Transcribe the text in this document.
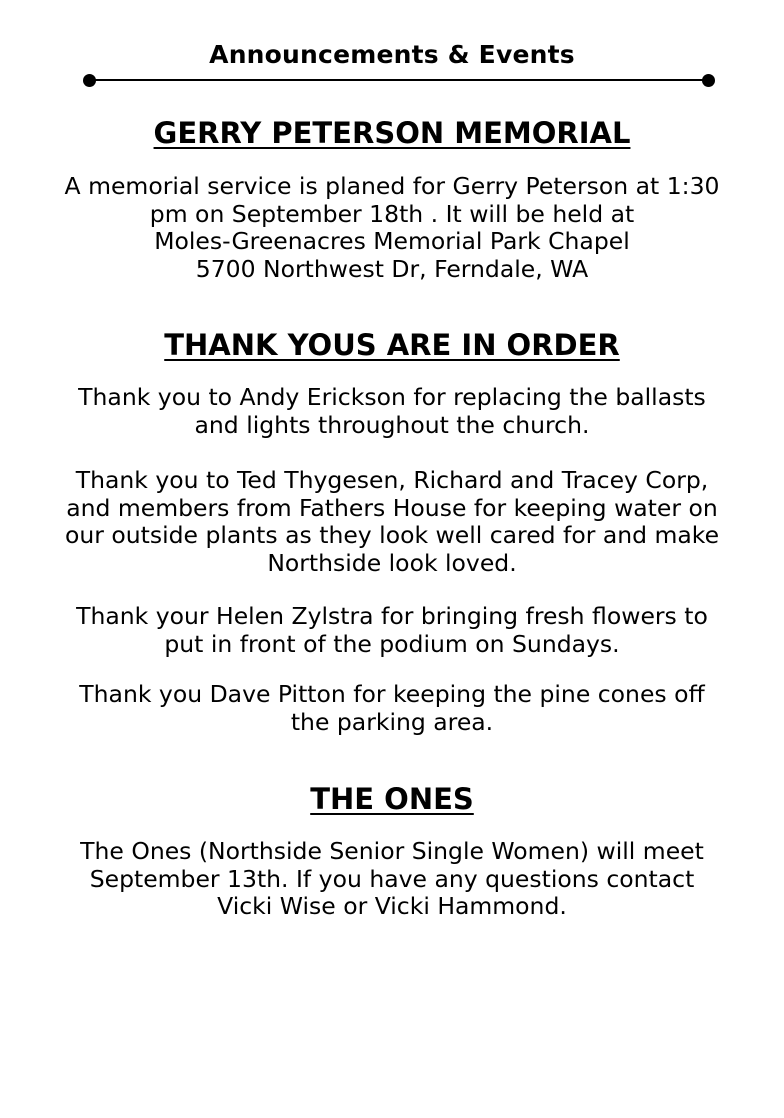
Announcements & Events
GERRY PETERSON MEMORIAL
A memorial service is planed for Gerry Peterson at 1:30
pm on September 18th . It will be held at
Moles-Greenacres Memorial Park Chapel
5700 Northwest Dr, Ferndale, WA
THANK YOUS ARE IN ORDER
Thank you to Andy Erickson for replacing the ballasts
and lights throughout the church.
Thank you to Ted Thygesen, Richard and Tracey Corp,
and members from Fathers House for keeping water on
our outside plants as they look well cared for and make
Northside look loved.
Thank your Helen Zylstra for bringing fresh flowers to
put in front of the podium on Sundays.
Thank you Dave Pitton for keeping the pine cones off
the parking area.
THE ONES
The Ones (Northside Senior Single Women) will meet
September 13th. If you have any questions contact
Vicki Wise or Vicki Hammond.
